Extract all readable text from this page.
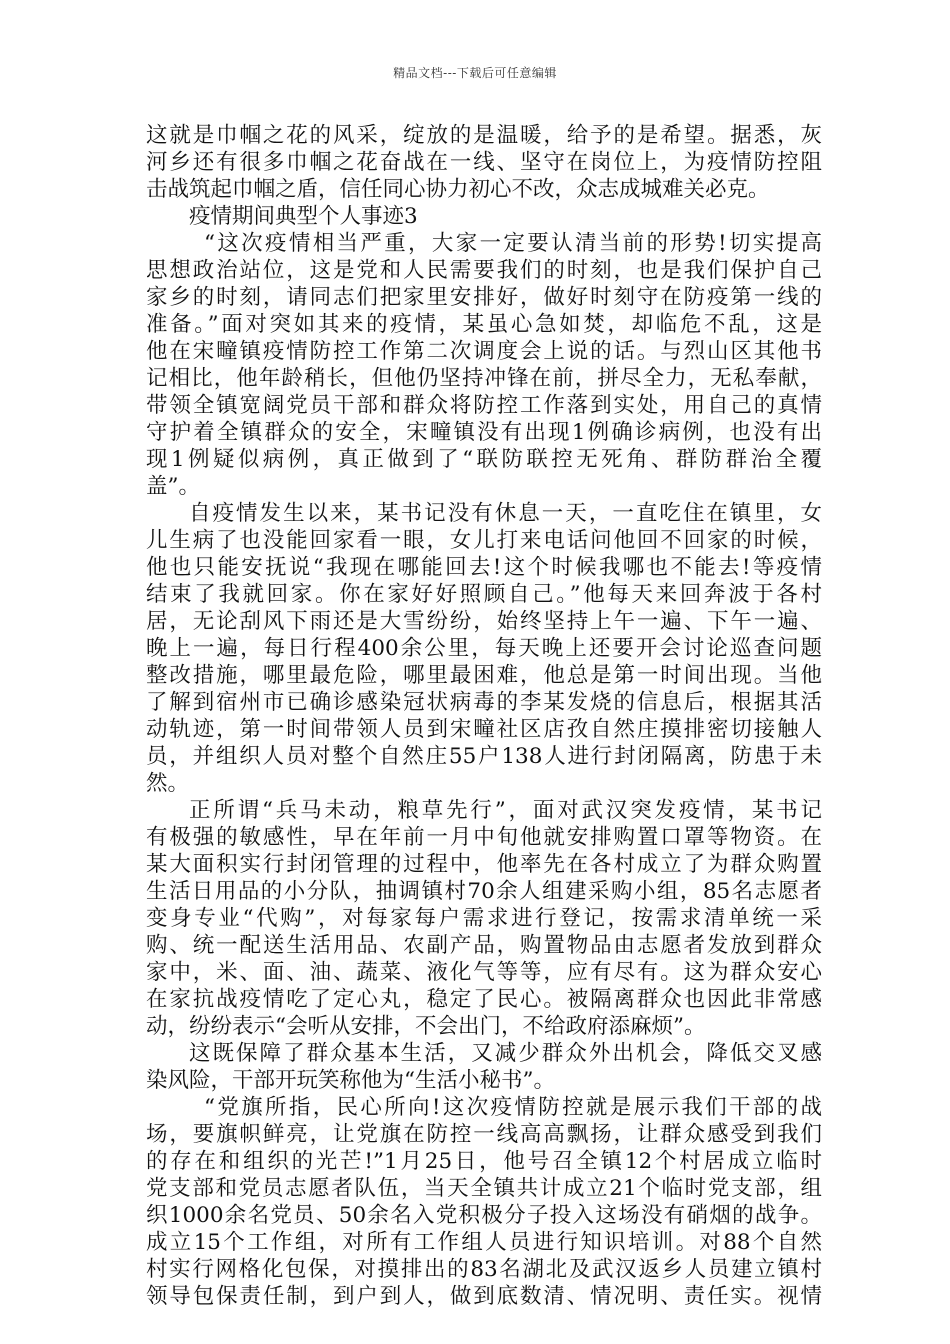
精品文档---下载后可任意编辑
这就是巾帼之花的风采，绽放的是温暖，给予的是希望。据悉，灰
河乡还有很多巾帼之花奋战在一线、坚守在岗位上，为疫情防控阻
击战筑起巾帼之盾，信任同心协力初心不改，众志成城难关必克。
疫情期间典型个人事迹3
“这次疫情相当严重，大家一定要认清当前的形势!切实提高
思想政治站位，这是党和人民需要我们的时刻，也是我们保护自己
家乡的时刻，请同志们把家里安排好，做好时刻守在防疫第一线的
准备。”面对突如其来的疫情，某虽心急如焚，却临危不乱，这是
他在宋疃镇疫情防控工作第二次调度会上说的话。与烈山区其他书
记相比，他年龄稍长，但他仍坚持冲锋在前，拼尽全力，无私奉献，
带领全镇宽阔党员干部和群众将防控工作落到实处，用自己的真情
守护着全镇群众的安全，宋疃镇没有出现1例确诊病例，也没有出
现1例疑似病例，真正做到了“联防联控无死角、群防群治全覆
盖”。
自疫情发生以来，某书记没有休息一天，一直吃住在镇里，女
儿生病了也没能回家看一眼，女儿打来电话问他回不回家的时候，
他也只能安抚说“我现在哪能回去!这个时候我哪也不能去!等疫情
结束了我就回家。你在家好好照顾自己。”他每天来回奔波于各村
居，无论刮风下雨还是大雪纷纷，始终坚持上午一遍、下午一遍、
晚上一遍，每日行程400余公里，每天晚上还要开会讨论巡查问题
整改措施，哪里最危险，哪里最困难，他总是第一时间出现。当他
了解到宿州市已确诊感染冠状病毒的李某发烧的信息后，根据其活
动轨迹，第一时间带领人员到宋疃社区店孜自然庄摸排密切接触人
员，并组织人员对整个自然庄55户138人进行封闭隔离，防患于未
然。
正所谓“兵马未动，粮草先行”，面对武汉突发疫情，某书记
有极强的敏感性，早在年前一月中旬他就安排购置口罩等物资。在
某大面积实行封闭管理的过程中，他率先在各村成立了为群众购置
生活日用品的小分队，抽调镇村70余人组建采购小组，85名志愿者
变身专业“代购”，对每家每户需求进行登记，按需求清单统一采
购、统一配送生活用品、农副产品，购置物品由志愿者发放到群众
家中，米、面、油、蔬菜、液化气等等，应有尽有。这为群众安心
在家抗战疫情吃了定心丸，稳定了民心。被隔离群众也因此非常感
动，纷纷表示“会听从安排，不会出门，不给政府添麻烦”。
这既保障了群众基本生活，又减少群众外出机会，降低交叉感
染风险，干部开玩笑称他为“生活小秘书”。
“党旗所指，民心所向!这次疫情防控就是展示我们干部的战
场，要旗帜鲜亮，让党旗在防控一线高高飘扬，让群众感受到我们
的存在和组织的光芒!”1月25日，他号召全镇12个村居成立临时
党支部和党员志愿者队伍，当天全镇共计成立21个临时党支部，组
织1000余名党员、50余名入党积极分子投入这场没有硝烟的战争。
成立15个工作组，对所有工作组人员进行知识培训。对88个自然
村实行网格化包保，对摸排出的83名湖北及武汉返乡人员建立镇村
领导包保责任制，到户到人，做到底数清、情况明、责任实。视情
